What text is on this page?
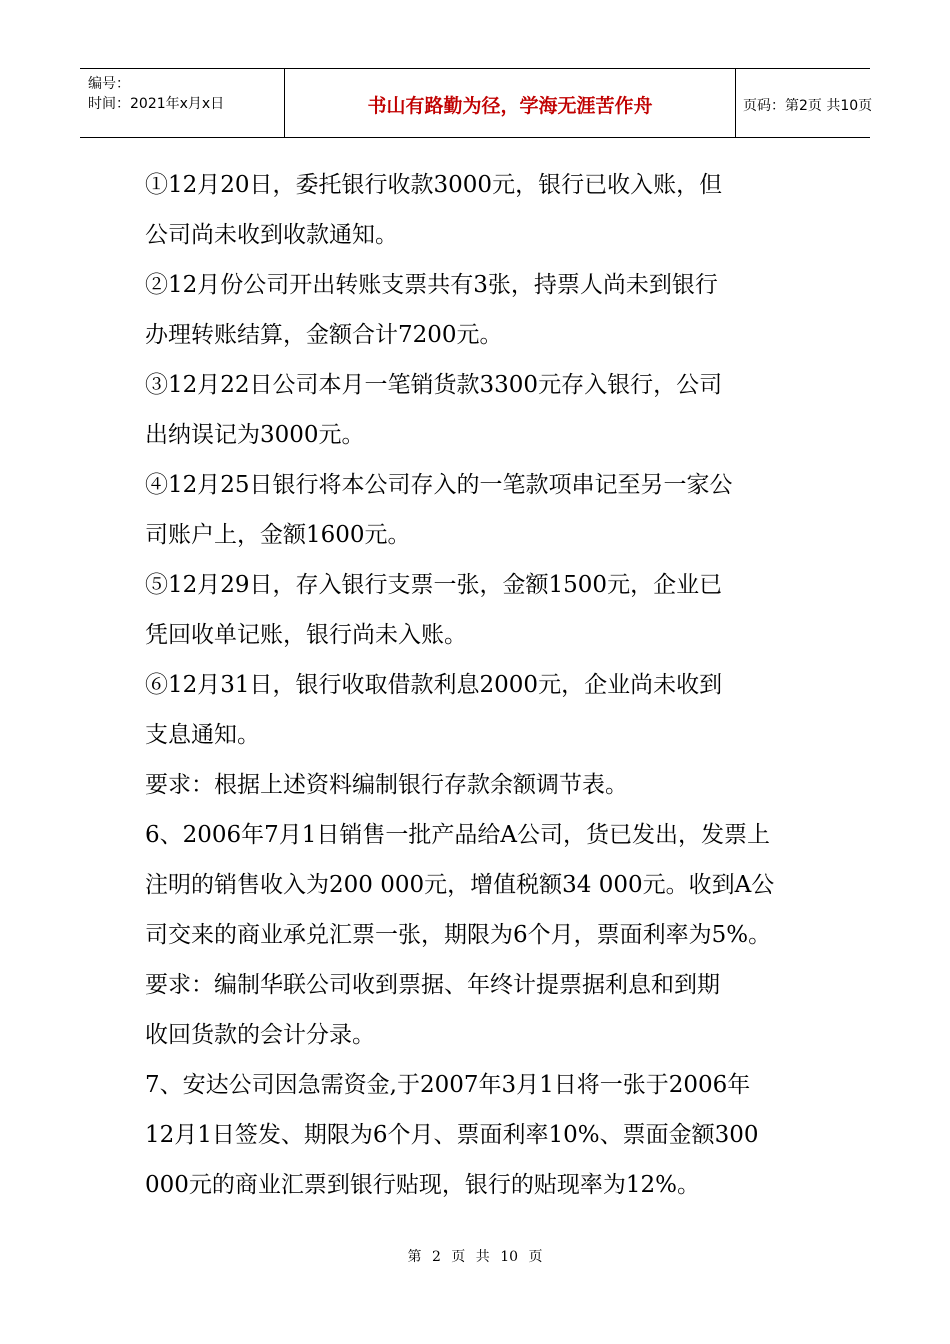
编号：
时间：2021年x月x日	书山有路勤为径，学海无涯苦作舟	页码：第2页 共10页
①12月20日，委托银行收款3000元，银行已收入账，但
公司尚未收到收款通知。
②12月份公司开出转账支票共有3张，持票人尚未到银行
办理转账结算，金额合计7200元。
③12月22日公司本月一笔销货款3300元存入银行，公司
出纳误记为3000元。
④12月25日银行将本公司存入的一笔款项串记至另一家公
司账户上，金额1600元。
⑤12月29日，存入银行支票一张，金额1500元，企业已
凭回收单记账，银行尚未入账。
⑥12月31日，银行收取借款利息2000元，企业尚未收到
支息通知。
要求：根据上述资料编制银行存款余额调节表。
6、2006年7月1日销售一批产品给A公司，货已发出，发票上
注明的销售收入为200 000元，增值税额34 000元。收到A公
司交来的商业承兑汇票一张，期限为6个月，票面利率为5%。
要求：编制华联公司收到票据、年终计提票据利息和到期
收回货款的会计分录。
7、安达公司因急需资金,于2007年3月1日将一张于2006年
12月1日签发、期限为6个月、票面利率10%、票面金额300
000元的商业汇票到银行贴现，银行的贴现率为12%。
第 2 页 共 10 页
